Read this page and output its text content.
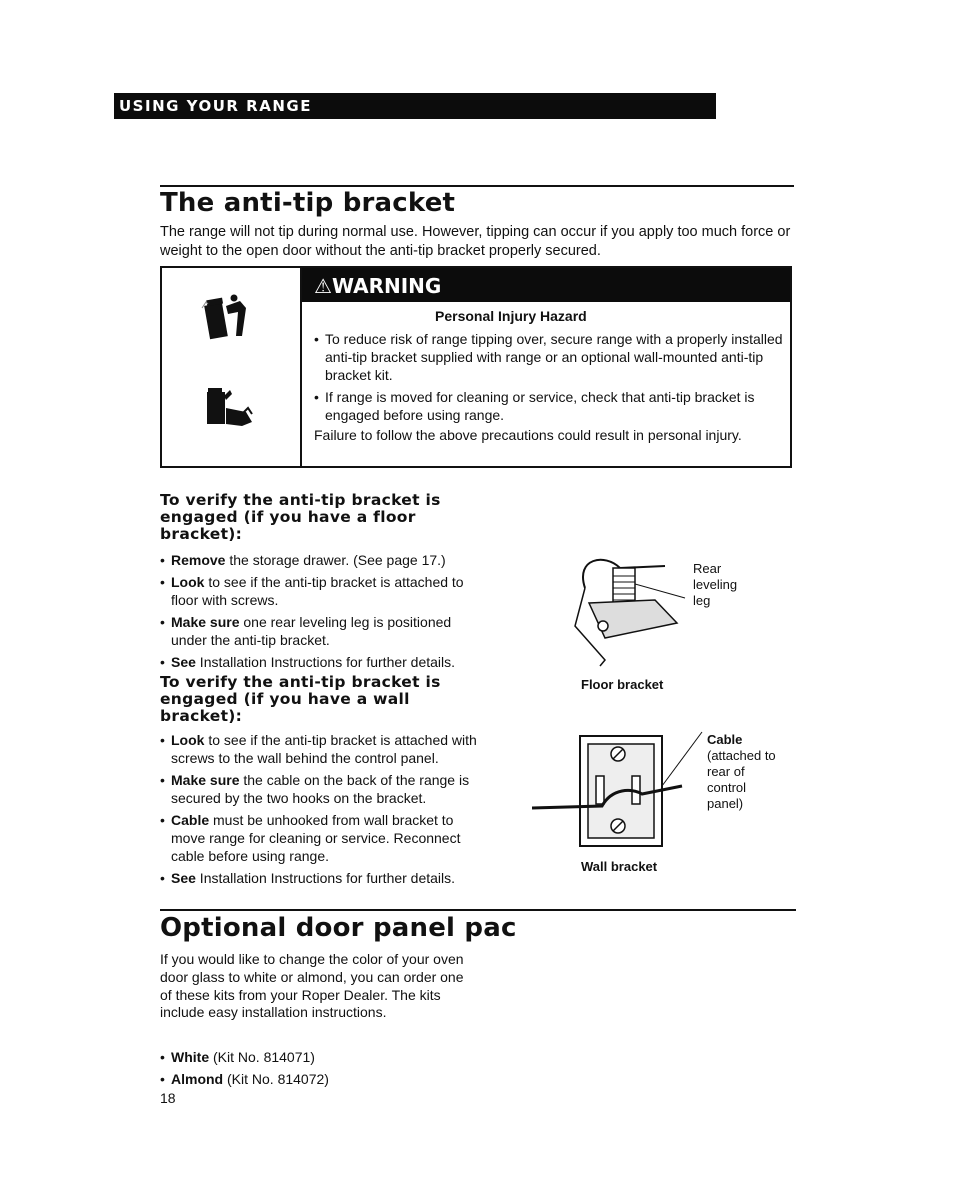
USING YOUR RANGE
The anti-tip bracket
The range will not tip during normal use. However, tipping can occur if you apply too much force or weight to the open door without the anti-tip bracket properly secured.
⚠WARNING
Personal Injury Hazard
• To reduce risk of range tipping over, secure range with a properly installed anti-tip bracket supplied with range or an optional wall-mounted anti-tip bracket kit.
• If range is moved for cleaning or service, check that anti-tip bracket is engaged before using range.
Failure to follow the above precautions could result in personal injury.
To verify the anti-tip bracket is engaged (if you have a floor bracket):
• Remove the storage drawer. (See page 17.)
• Look to see if the anti-tip bracket is attached to floor with screws.
• Make sure one rear leveling leg is positioned under the anti-tip bracket.
• See Installation Instructions for further details.
Rear leveling leg
Floor bracket
To verify the anti-tip bracket is engaged (if you have a wall bracket):
• Look to see if the anti-tip bracket is attached with screws to the wall behind the control panel.
• Make sure the cable on the back of the range is secured by the two hooks on the bracket.
• Cable must be unhooked from wall bracket to move range for cleaning or service. Reconnect cable before using range.
• See Installation Instructions for further details.
Cable
(attached to rear of control panel)
Wall bracket
Optional door panel pac
If you would like to change the color of your oven door glass to white or almond, you can order one of these kits from your Roper Dealer. The kits include easy installation instructions.
• White (Kit No. 814071)
• Almond (Kit No. 814072)
18
